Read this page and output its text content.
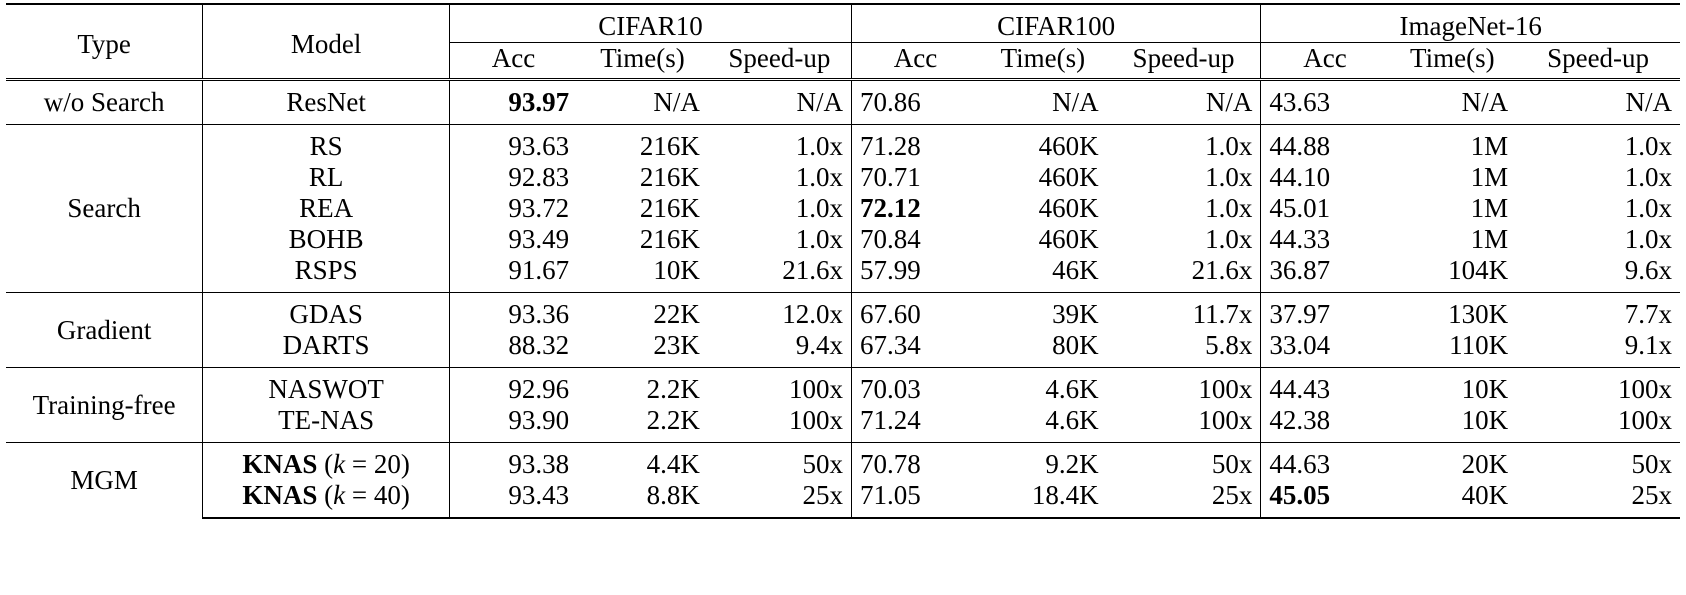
Type	Model	CIFAR10			CIFAR100			ImageNet-16		
		Acc	Time(s)	Speed-up	Acc	Time(s)	Speed-up	Acc	Time(s)	Speed-up
w/o Search	ResNet	93.97	N/A	N/A	70.86	N/A	N/A	43.63	N/A	N/A
Search	RS	93.63	216K	1.0x	71.28	460K	1.0x	44.88	1M	1.0x
	RL	92.83	216K	1.0x	70.71	460K	1.0x	44.10	1M	1.0x
	REA	93.72	216K	1.0x	72.12	460K	1.0x	45.01	1M	1.0x
	BOHB	93.49	216K	1.0x	70.84	460K	1.0x	44.33	1M	1.0x
	RSPS	91.67	10K	21.6x	57.99	46K	21.6x	36.87	104K	9.6x
Gradient	GDAS	93.36	22K	12.0x	67.60	39K	11.7x	37.97	130K	7.7x
	DARTS	88.32	23K	9.4x	67.34	80K	5.8x	33.04	110K	9.1x
Training-free	NASWOT	92.96	2.2K	100x	70.03	4.6K	100x	44.43	10K	100x
	TE-NAS	93.90	2.2K	100x	71.24	4.6K	100x	42.38	10K	100x
MGM	KNAS (k = 20)	93.38	4.4K	50x	70.78	9.2K	50x	44.63	20K	50x
	KNAS (k = 40)	93.43	8.8K	25x	71.05	18.4K	25x	45.05	40K	25x
